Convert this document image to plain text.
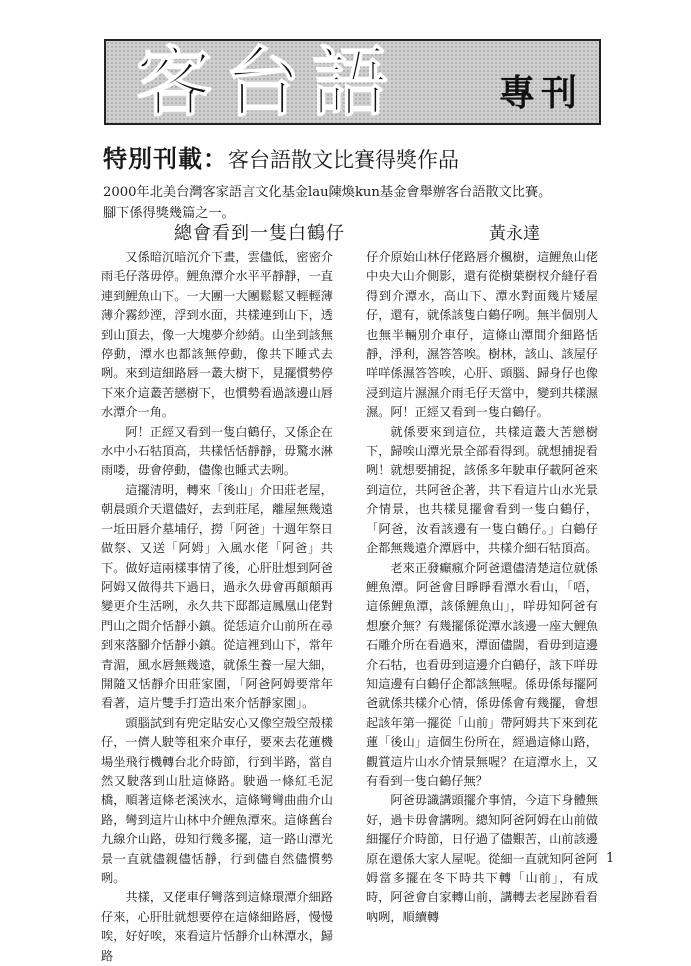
客台語	專刊
特別刊載：客台語散文比賽得獎作品
2000年北美台灣客家語言文化基金lau陳煥kun基金會舉辦客台語散文比賽。
腳下係得獎幾篇之一。
總會看到一隻白鶴仔	黃永達

又係暗沉暗沉介下晝，雲儘低，密密介雨毛仔落毋停。鯉魚潭介水平平靜靜，一直連到鯉魚山下。一大團一大團鬆鬆又輕輕薄薄介霧紗湮，浮到水面，共樣連到山下，透到山頂去，像一大塊夢介紗綃。山坐到該無停動，潭水也都該無停動，像共下睡式去咧。來到這細路唇一叢大樹下，見擺慣勢停下來介這叢苦戀樹下，也慣勢看過該邊山唇水潭介一角。

阿！正經又看到一隻白鶴仔，又係企在水中小石牯頂高，共樣恬恬靜靜，毋驚水淋雨喽，毋會停動，儘像也睡式去咧。

這擺清明，轉來「後山」介田莊老屋，朝晨頭介天還儘好，去到莊尾，離屋無幾遠一坵田唇介墓埔仔，撈「阿爸」十週年祭日做祭、又送「阿姆」入風水佬「阿爸」共下。做好這兩樣事情了後，心肝肚想到阿爸阿姆又做得共下過日，過永久毋會再顛顛再變更介生活咧，永久共下邸都這鳳凰山佬對門山之間介恬靜小鎮。從恁這介山前所在尋到來落腳介恬靜小鎮。從這裡到山下，常年青湄，風水唇無幾遠，就係生養一屋大細，開隨又恬靜介田莊家園，「阿爸阿姆要常年看著，這片雙手打造出來介恬靜家園」。

頭腦試到有兜定貼安心又像空殼空殼樣仔，一儕人駛等租來介車仔，要來去花蓮機場坐飛行機轉台北介時節，行到半路，當自然又駛落到山肚這條路。駛過一條紅毛泥橋，順著這條老溪浹水，這條彎彎曲曲介山路，彎到這片山林中介鯉魚潭來。這條舊台九線介山路，毋知行幾多擺，這一路山潭光景一直就儘親儘恬靜，行到儘自然儘慣勢咧。

共樣，又佬車仔彎落到這條環潭介細路仔來，心肝肚就想要停在這條細路唇，慢慢唉，好好唉，來看這片恬靜介山林潭水，歸路

仔介原始山林仔佬路唇介楓樹，這鯉魚山佬中央大山介側影，還有從樹葉樹杈介縫仔看得到介潭水，高山下、潭水對面幾片矮屋仔，還有，就係該隻白鶴仔咧。無半個別人也無半輛別介車仔，這條山潭間介細路恬靜，淨利，濕答答唉。樹林，該山、該屋仔咩咩係濕答答唉，心肝、頭腦、歸身仔也像浸到這片濕濕介雨毛仔天當中，變到共樣濕濕。阿！正經又看到一隻白鶴仔。

就係要來到這位，共樣這叢大苦戀樹下，歸唉山潭光景全部看得到。就想捕捉看咧！就想要捕捉，該係多年駛車仔載阿爸來到這位，共阿爸企著，共下看這片山水光景介情景，也共樣見擺會看到一隻白鶴仔，「阿爸，汝看該邊有一隻白鶴仔。」白鶴仔企都無幾遠介潭唇中，共樣介細石牯頂高。

老來正發癲瘋介阿爸還儘清楚這位就係鯉魚潭。阿爸會目睜睜看潭水看山，「唔，這係鯉魚潭，該係鯉魚山」，咩毋知阿爸有想麼介無？有幾擺係從潭水該邊一座大鯉魚石雕介所在看過來，潭面儘闊，看毋到這邊介石牯，也看毋到這邊介白鶴仔，該下咩毋知這邊有白鶴仔企都該無喔。係毋係每擺阿爸就係共樣介心情，係毋係會有幾擺，會想起該年第一擺從「山前」帶阿姆共下來到花蓮「後山」這個生份所在，經過這條山路，觀賞這片山水介情景無喔？在這潭水上，又有看到一隻白鶴仔無？

阿爸毋識講頭擺介事情，今這下身體無好，過卡毋會講咧。總知阿爸阿姆在山前做細擺仔介時節，日仔過了儘艱苦，山前該邊原在還係大家人屋呢。從細一直就知阿爸阿姆當多擺在冬下時共下轉「山前」，有成時，阿爸會自家轉山前，講轉去老屋跡看看吶咧，順續轉

1
